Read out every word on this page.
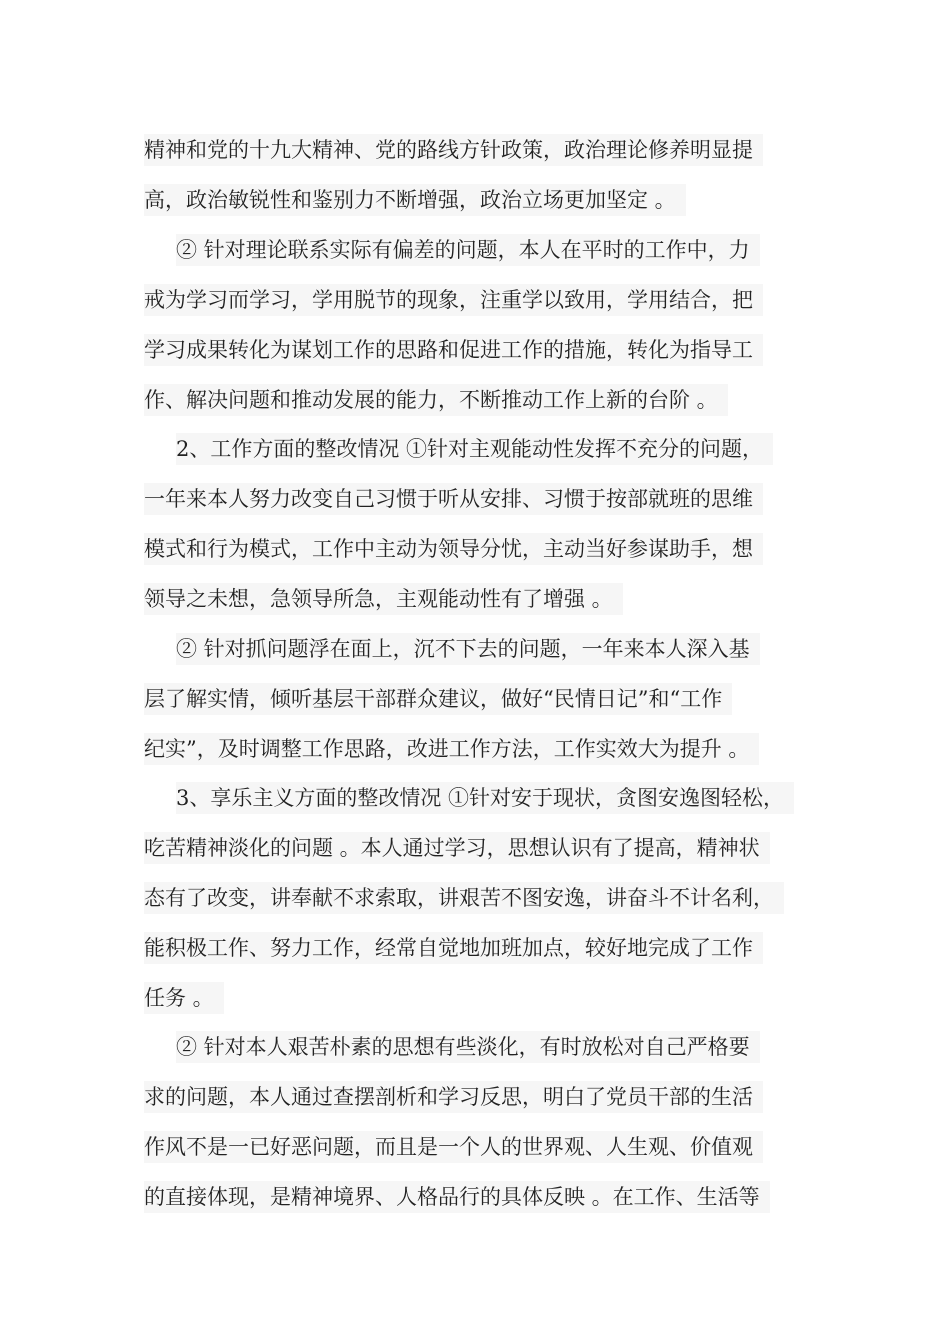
精神和党的十九大精神、党的路线方针政策，政治理论修养明显提
高，政治敏锐性和鉴别力不断增强，政治立场更加坚定 。
② 针对理论联系实际有偏差的问题，本人在平时的工作中，力
戒为学习而学习，学用脱节的现象，注重学以致用，学用结合，把
学习成果转化为谋划工作的思路和促进工作的措施，转化为指导工
作、解决问题和推动发展的能力，不断推动工作上新的台阶 。
2、工作方面的整改情况 ①针对主观能动性发挥不充分的问题，
一年来本人努力改变自己习惯于听从安排、习惯于按部就班的思维
模式和行为模式，工作中主动为领导分忧，主动当好参谋助手，想
领导之未想，急领导所急，主观能动性有了增强 。
② 针对抓问题浮在面上，沉不下去的问题，一年来本人深入基
层了解实情，倾听基层干部群众建议，做好“民情日记”和“工作
纪实”，及时调整工作思路，改进工作方法，工作实效大为提升 。
3、享乐主义方面的整改情况 ①针对安于现状，贪图安逸图轻松，
吃苦精神淡化的问题 。本人通过学习，思想认识有了提高，精神状
态有了改变，讲奉献不求索取，讲艰苦不图安逸，讲奋斗不计名利，
能积极工作、努力工作，经常自觉地加班加点，较好地完成了工作
任务 。
② 针对本人艰苦朴素的思想有些淡化，有时放松对自己严格要
求的问题，本人通过查摆剖析和学习反思，明白了党员干部的生活
作风不是一已好恶问题，而且是一个人的世界观、人生观、价值观
的直接体现，是精神境界、人格品行的具体反映 。在工作、生活等
